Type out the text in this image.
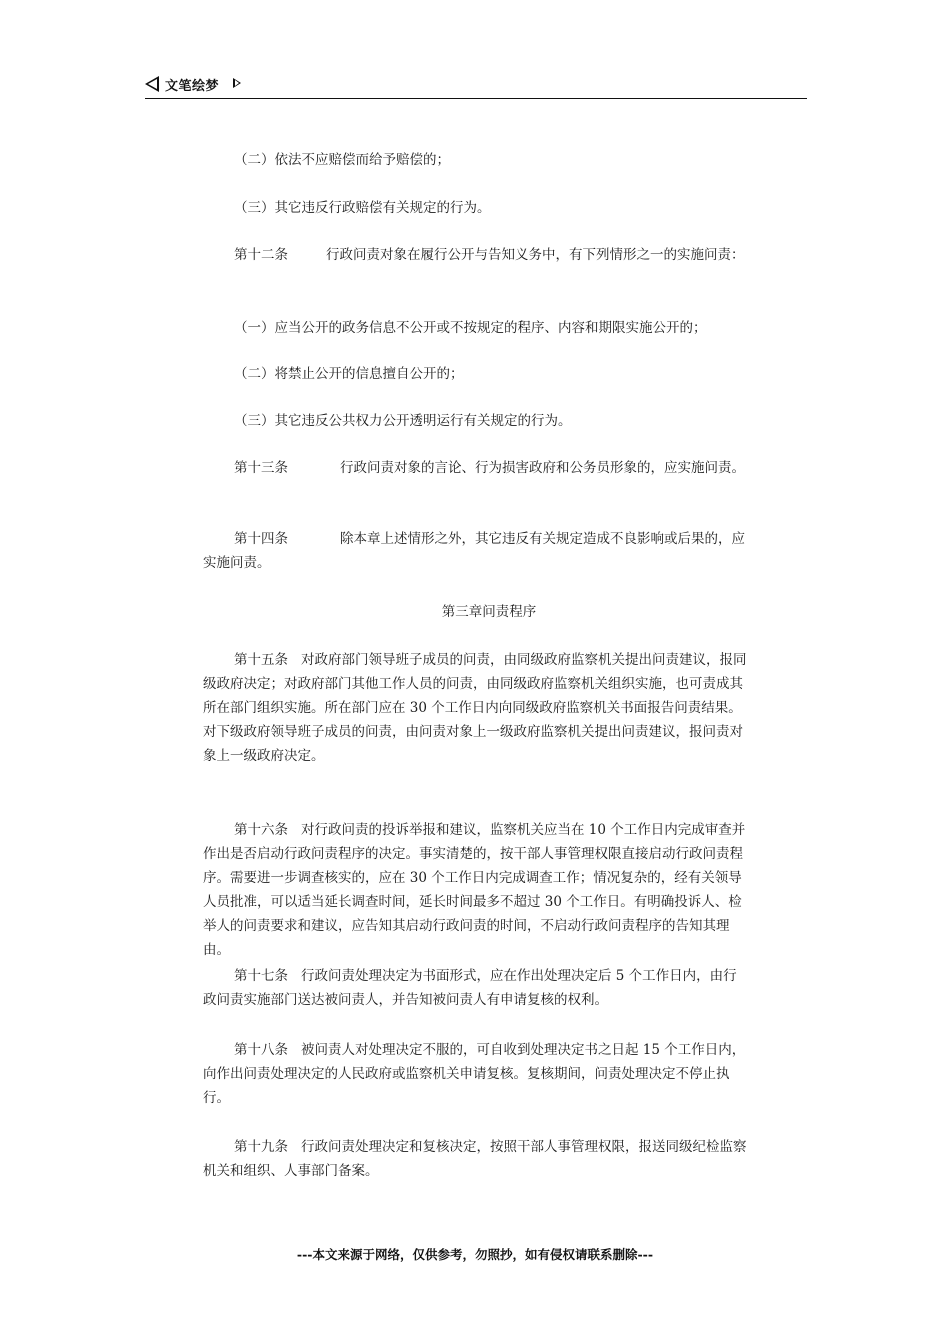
文笔绘梦

（二）依法不应赔偿而给予赔偿的；

（三）其它违反行政赔偿有关规定的行为。

第十二条	行政问责对象在履行公开与告知义务中，有下列情形之一的实施问责：

（一）应当公开的政务信息不公开或不按规定的程序、内容和期限实施公开的；

（二）将禁止公开的信息擅自公开的；

（三）其它违反公共权力公开透明运行有关规定的行为。

第十三条	行政问责对象的言论、行为损害政府和公务员形象的，应实施问责。

第十四条	除本章上述情形之外，其它违反有关规定造成不良影响或后果的，应实施问责。

第三章问责程序

第十五条 对政府部门领导班子成员的问责，由同级政府监察机关提出问责建议，报同级政府决定；对政府部门其他工作人员的问责，由同级政府监察机关组织实施，也可责成其所在部门组织实施。所在部门应在 30 个工作日内向同级政府监察机关书面报告问责结果。对下级政府领导班子成员的问责，由问责对象上一级政府监察机关提出问责建议，报问责对象上一级政府决定。

第十六条 对行政问责的投诉举报和建议，监察机关应当在 10 个工作日内完成审查并作出是否启动行政问责程序的决定。事实清楚的，按干部人事管理权限直接启动行政问责程序。需要进一步调查核实的，应在 30 个工作日内完成调查工作；情况复杂的，经有关领导人员批准，可以适当延长调查时间，延长时间最多不超过 30 个工作日。有明确投诉人、检举人的问责要求和建议，应告知其启动行政问责的时间，不启动行政问责程序的告知其理由。

第十七条 行政问责处理决定为书面形式，应在作出处理决定后 5 个工作日内，由行政问责实施部门送达被问责人，并告知被问责人有申请复核的权利。

第十八条 被问责人对处理决定不服的，可自收到处理决定书之日起 15 个工作日内，向作出问责处理决定的人民政府或监察机关申请复核。复核期间，问责处理决定不停止执行。

第十九条 行政问责处理决定和复核决定，按照干部人事管理权限，报送同级纪检监察机关和组织、人事部门备案。

---本文来源于网络，仅供参考，勿照抄，如有侵权请联系删除---
